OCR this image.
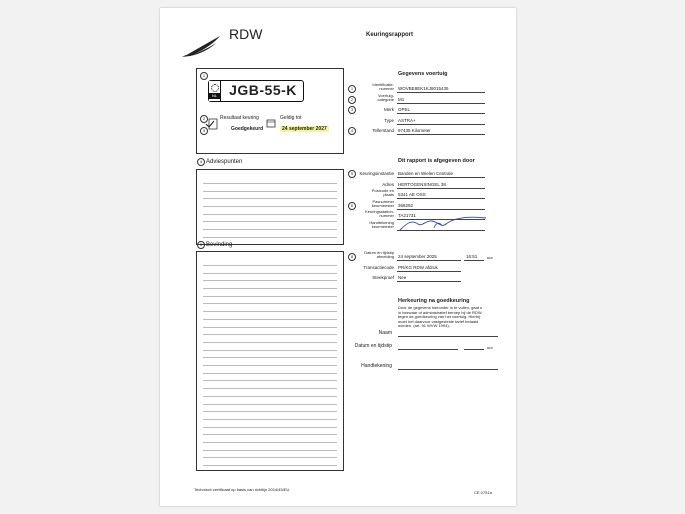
RDW	Keuringsrapport
1
2
3
NL JGB-55-K
Resultaat keuring
Goedgekeurd
Geldig tot
24 september 2027
4 Adviespunten
5 Bevinding
Gegevens voertuig
Dit rapport is afgegeven door
Herkeuring na goedkeuring
Door de gegevens hieronder in te vullen, gaat u
in bezwaar of administratief beroep bij de RDW
tegen de goedkeuring van het voertuig. Hierbij
moet het daarvoor vastgestelde tarief betaald
worden. (art. 91 WVW 1994).
Naam
Datum en tijdstip	uur
Handtekening
Technisch certificaat op basis van richtlijn 2014/45/EU
CE 0751a
1
Identificatie-
nummer WOVBE8EK1KJ8015435
2
Voertuig-
categorie M1
3	Merk OPEL
Type ASTRA+
4	Tellerstand 97435 Kilometer
5	Keuringsinstantie Banden en Wielen Centrale
Adres HERTOGENSINGEL 38
Postcode en
plaats 5341 AE OSS
6
Pasnummer
keurmeester 368292
Keuringsstation-
nummer TA21731
Handtekening
keurmeester
8
Datum en tijdstip
afmelding 24 september 2025	16:51 uur
Transactiecode PR/KG RDW afdruk
Steekproef Nee
